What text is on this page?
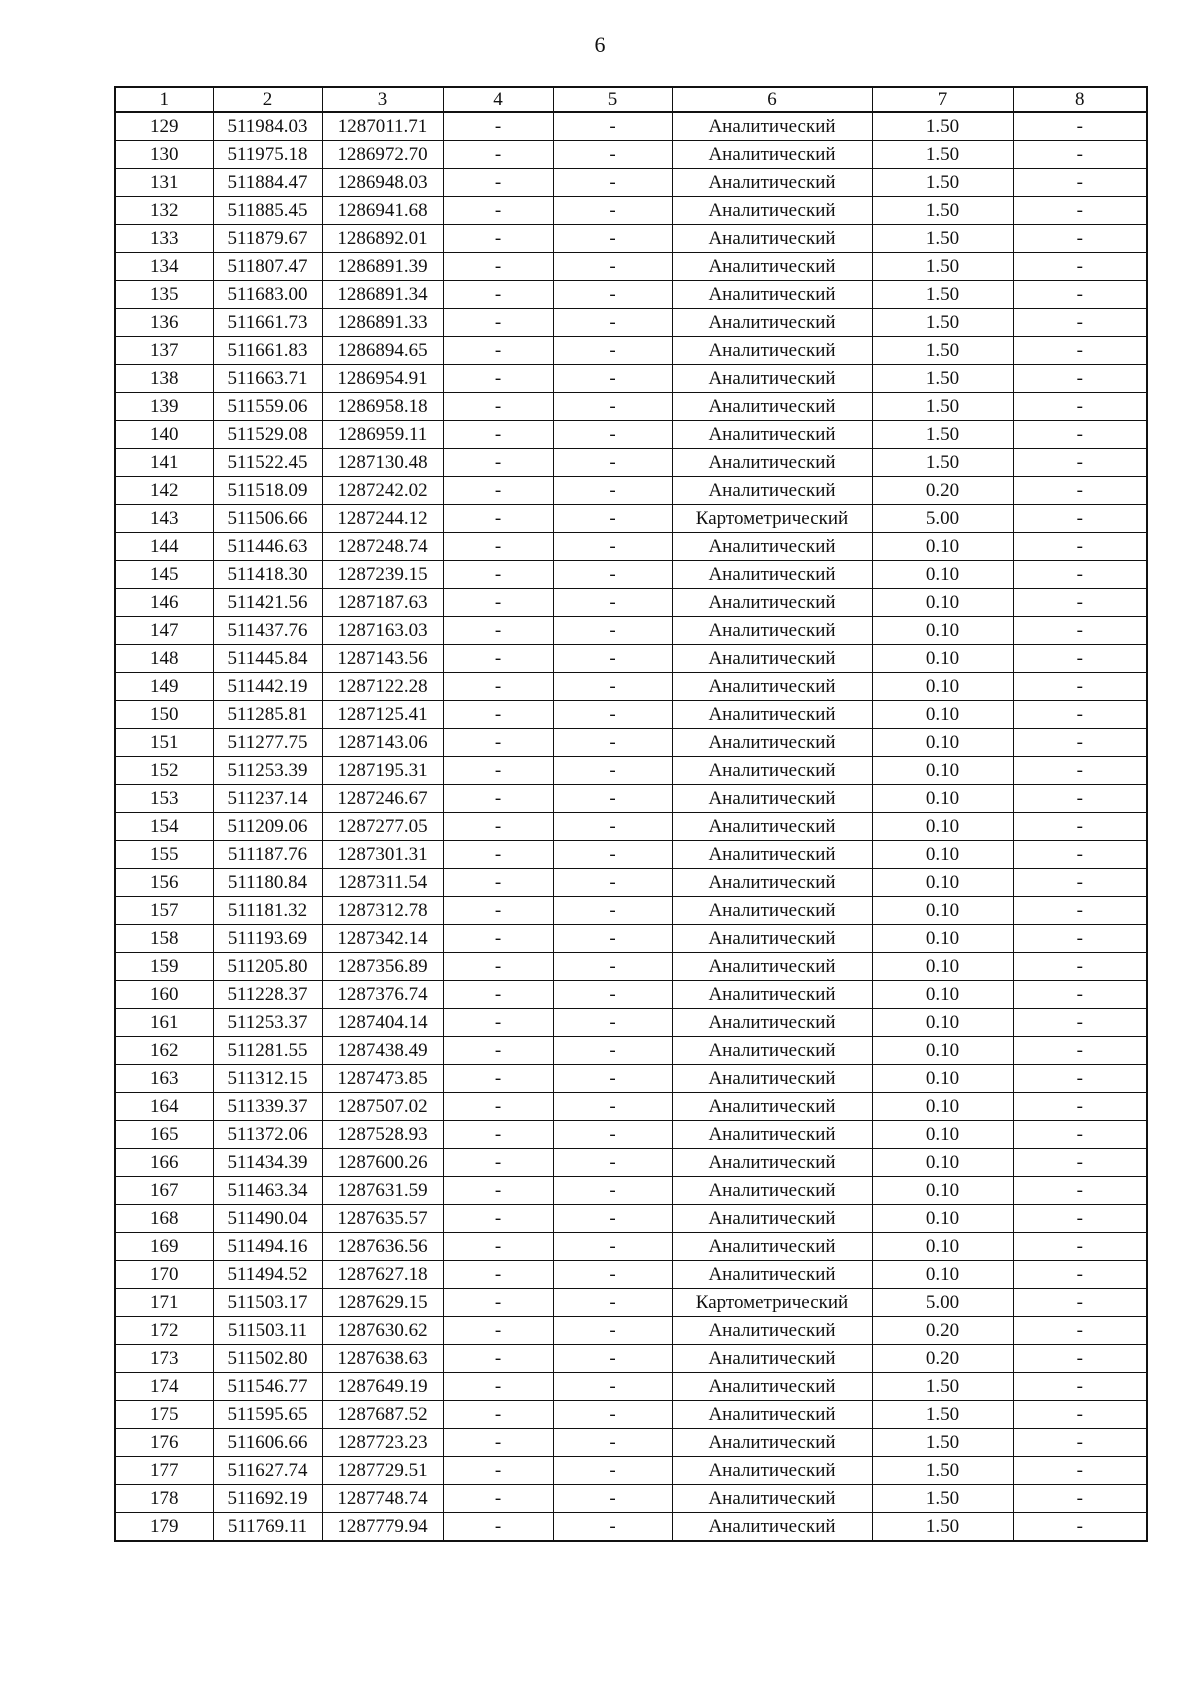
6
1	2	3	4	5	6	7	8
129	511984.03	1287011.71	-	-	Аналитический	1.50	-
130	511975.18	1286972.70	-	-	Аналитический	1.50	-
131	511884.47	1286948.03	-	-	Аналитический	1.50	-
132	511885.45	1286941.68	-	-	Аналитический	1.50	-
133	511879.67	1286892.01	-	-	Аналитический	1.50	-
134	511807.47	1286891.39	-	-	Аналитический	1.50	-
135	511683.00	1286891.34	-	-	Аналитический	1.50	-
136	511661.73	1286891.33	-	-	Аналитический	1.50	-
137	511661.83	1286894.65	-	-	Аналитический	1.50	-
138	511663.71	1286954.91	-	-	Аналитический	1.50	-
139	511559.06	1286958.18	-	-	Аналитический	1.50	-
140	511529.08	1286959.11	-	-	Аналитический	1.50	-
141	511522.45	1287130.48	-	-	Аналитический	1.50	-
142	511518.09	1287242.02	-	-	Аналитический	0.20	-
143	511506.66	1287244.12	-	-	Картометрический	5.00	-
144	511446.63	1287248.74	-	-	Аналитический	0.10	-
145	511418.30	1287239.15	-	-	Аналитический	0.10	-
146	511421.56	1287187.63	-	-	Аналитический	0.10	-
147	511437.76	1287163.03	-	-	Аналитический	0.10	-
148	511445.84	1287143.56	-	-	Аналитический	0.10	-
149	511442.19	1287122.28	-	-	Аналитический	0.10	-
150	511285.81	1287125.41	-	-	Аналитический	0.10	-
151	511277.75	1287143.06	-	-	Аналитический	0.10	-
152	511253.39	1287195.31	-	-	Аналитический	0.10	-
153	511237.14	1287246.67	-	-	Аналитический	0.10	-
154	511209.06	1287277.05	-	-	Аналитический	0.10	-
155	511187.76	1287301.31	-	-	Аналитический	0.10	-
156	511180.84	1287311.54	-	-	Аналитический	0.10	-
157	511181.32	1287312.78	-	-	Аналитический	0.10	-
158	511193.69	1287342.14	-	-	Аналитический	0.10	-
159	511205.80	1287356.89	-	-	Аналитический	0.10	-
160	511228.37	1287376.74	-	-	Аналитический	0.10	-
161	511253.37	1287404.14	-	-	Аналитический	0.10	-
162	511281.55	1287438.49	-	-	Аналитический	0.10	-
163	511312.15	1287473.85	-	-	Аналитический	0.10	-
164	511339.37	1287507.02	-	-	Аналитический	0.10	-
165	511372.06	1287528.93	-	-	Аналитический	0.10	-
166	511434.39	1287600.26	-	-	Аналитический	0.10	-
167	511463.34	1287631.59	-	-	Аналитический	0.10	-
168	511490.04	1287635.57	-	-	Аналитический	0.10	-
169	511494.16	1287636.56	-	-	Аналитический	0.10	-
170	511494.52	1287627.18	-	-	Аналитический	0.10	-
171	511503.17	1287629.15	-	-	Картометрический	5.00	-
172	511503.11	1287630.62	-	-	Аналитический	0.20	-
173	511502.80	1287638.63	-	-	Аналитический	0.20	-
174	511546.77	1287649.19	-	-	Аналитический	1.50	-
175	511595.65	1287687.52	-	-	Аналитический	1.50	-
176	511606.66	1287723.23	-	-	Аналитический	1.50	-
177	511627.74	1287729.51	-	-	Аналитический	1.50	-
178	511692.19	1287748.74	-	-	Аналитический	1.50	-
179	511769.11	1287779.94	-	-	Аналитический	1.50	-
